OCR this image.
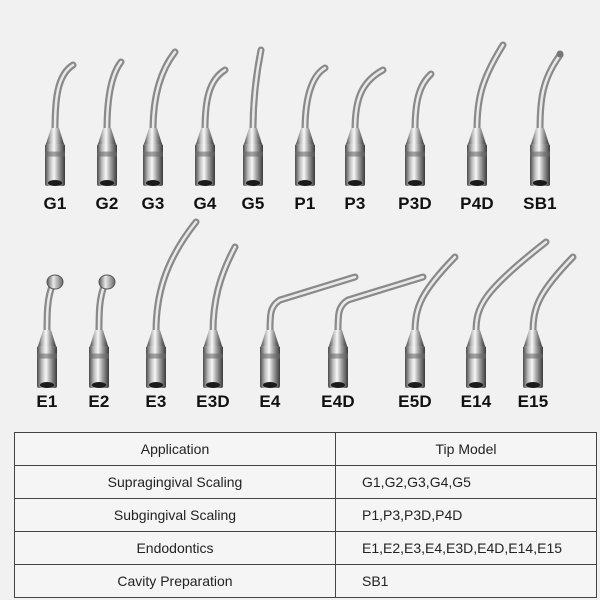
G1	G2	G3	G4	G5	P1	P3	P3D	P4D	SB1
E1	E2	E3	E3D	E4	E4D	E5D	E14	E15
Application	Tip Model
Supragingival Scaling	G1,G2,G3,G4,G5
Subgingival Scaling	P1,P3,P3D,P4D
Endodontics	E1,E2,E3,E4,E3D,E4D,E14,E15
Cavity Preparation	SB1
